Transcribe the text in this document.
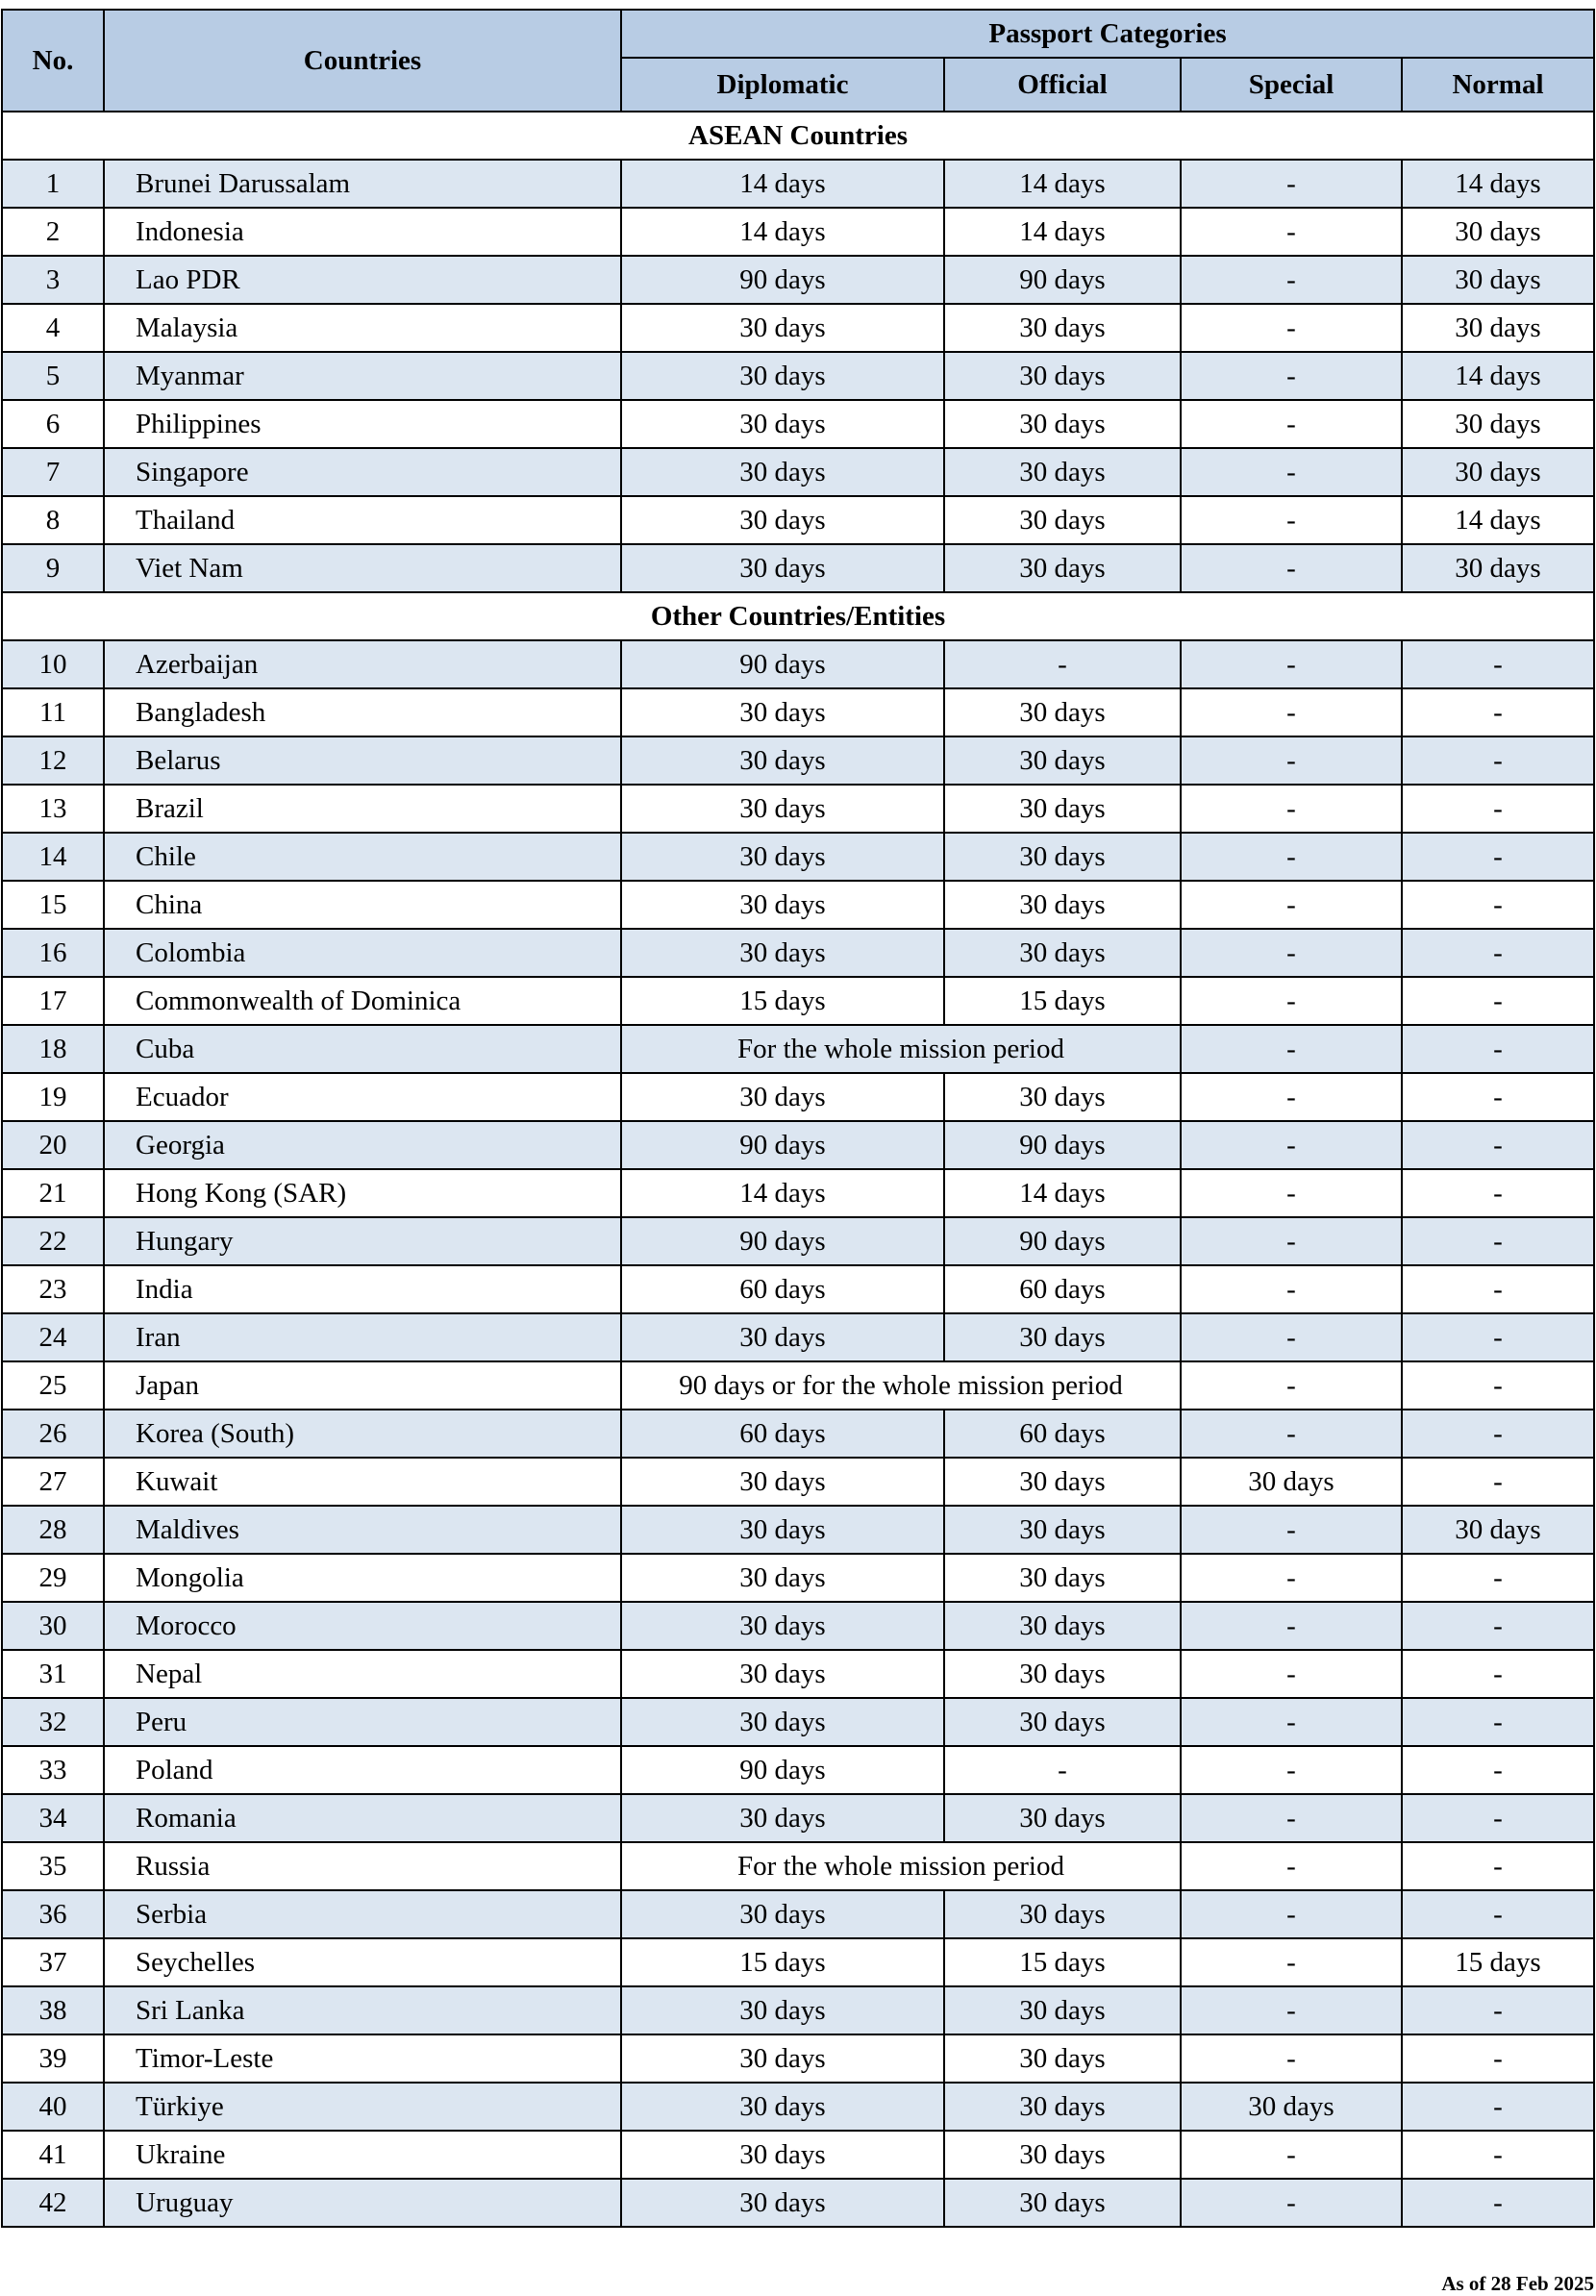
No.	Countries	Passport Categories			
		Diplomatic	Official	Special	Normal
ASEAN Countries					
1	Brunei Darussalam	14 days	14 days	-	14 days
2	Indonesia	14 days	14 days	-	30 days
3	Lao PDR	90 days	90 days	-	30 days
4	Malaysia	30 days	30 days	-	30 days
5	Myanmar	30 days	30 days	-	14 days
6	Philippines	30 days	30 days	-	30 days
7	Singapore	30 days	30 days	-	30 days
8	Thailand	30 days	30 days	-	14 days
9	Viet Nam	30 days	30 days	-	30 days
Other Countries/Entities					
10	Azerbaijan	90 days	-	-	-
11	Bangladesh	30 days	30 days	-	-
12	Belarus	30 days	30 days	-	-
13	Brazil	30 days	30 days	-	-
14	Chile	30 days	30 days	-	-
15	China	30 days	30 days	-	-
16	Colombia	30 days	30 days	-	-
17	Commonwealth of Dominica	15 days	15 days	-	-
18	Cuba	For the whole mission period		-	-
19	Ecuador	30 days	30 days	-	-
20	Georgia	90 days	90 days	-	-
21	Hong Kong (SAR)	14 days	14 days	-	-
22	Hungary	90 days	90 days	-	-
23	India	60 days	60 days	-	-
24	Iran	30 days	30 days	-	-
25	Japan	90 days or for the whole mission period		-	-
26	Korea (South)	60 days	60 days	-	-
27	Kuwait	30 days	30 days	30 days	-
28	Maldives	30 days	30 days	-	30 days
29	Mongolia	30 days	30 days	-	-
30	Morocco	30 days	30 days	-	-
31	Nepal	30 days	30 days	-	-
32	Peru	30 days	30 days	-	-
33	Poland	90 days	-	-	-
34	Romania	30 days	30 days	-	-
35	Russia	For the whole mission period		-	-
36	Serbia	30 days	30 days	-	-
37	Seychelles	15 days	15 days	-	15 days
38	Sri Lanka	30 days	30 days	-	-
39	Timor-Leste	30 days	30 days	-	-
40	Türkiye	30 days	30 days	30 days	-
41	Ukraine	30 days	30 days	-	-
42	Uruguay	30 days	30 days	-	-
As of 28 Feb 2025
